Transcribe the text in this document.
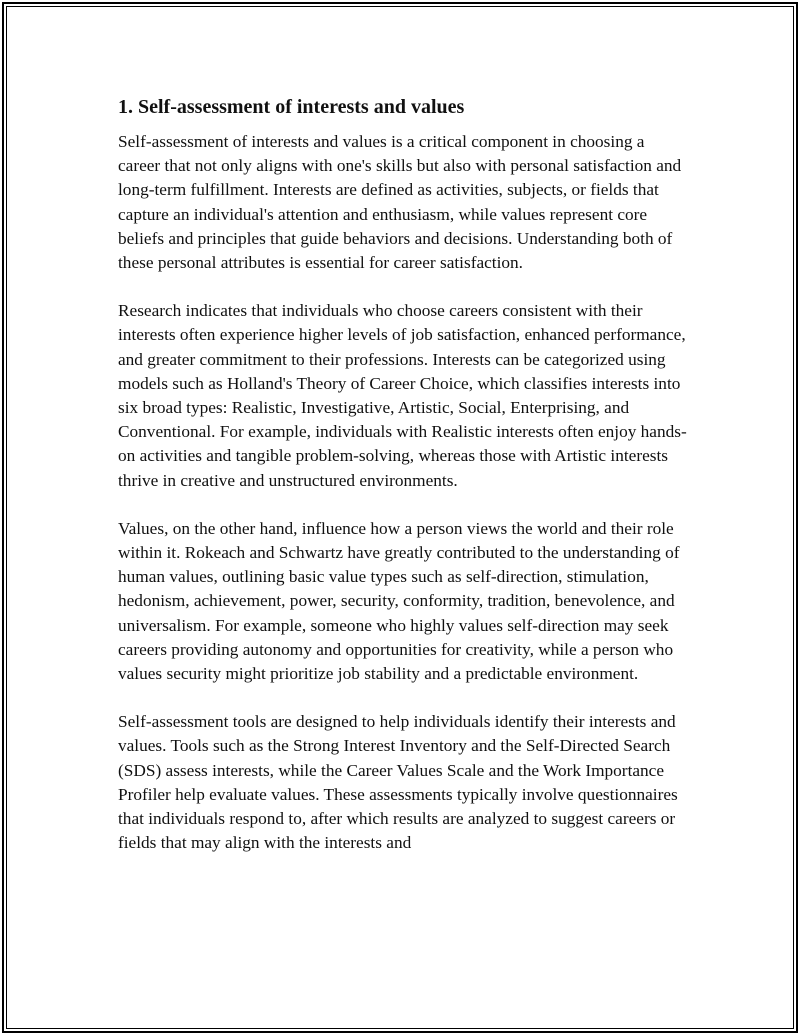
1. Self-assessment of interests and values

Self-assessment of interests and values is a critical component in choosing a career that not only aligns with one's skills but also with personal satisfaction and long-term fulfillment. Interests are defined as activities, subjects, or fields that capture an individual's attention and enthusiasm, while values represent core beliefs and principles that guide behaviors and decisions. Understanding both of these personal attributes is essential for career satisfaction.

Research indicates that individuals who choose careers consistent with their interests often experience higher levels of job satisfaction, enhanced performance, and greater commitment to their professions. Interests can be categorized using models such as Holland's Theory of Career Choice, which classifies interests into six broad types: Realistic, Investigative, Artistic, Social, Enterprising, and Conventional. For example, individuals with Realistic interests often enjoy hands-on activities and tangible problem-solving, whereas those with Artistic interests thrive in creative and unstructured environments.

Values, on the other hand, influence how a person views the world and their role within it. Rokeach and Schwartz have greatly contributed to the understanding of human values, outlining basic value types such as self-direction, stimulation, hedonism, achievement, power, security, conformity, tradition, benevolence, and universalism. For example, someone who highly values self-direction may seek careers providing autonomy and opportunities for creativity, while a person who values security might prioritize job stability and a predictable environment.

Self-assessment tools are designed to help individuals identify their interests and values. Tools such as the Strong Interest Inventory and the Self-Directed Search (SDS) assess interests, while the Career Values Scale and the Work Importance Profiler help evaluate values. These assessments typically involve questionnaires that individuals respond to, after which results are analyzed to suggest careers or fields that may align with the interests and
